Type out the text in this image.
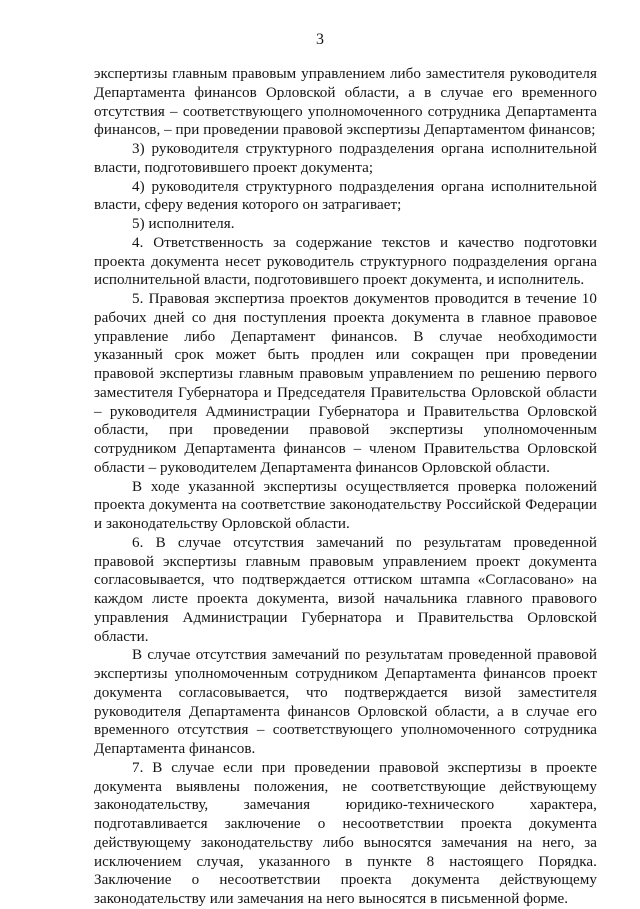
3

экспертизы главным правовым управлением либо заместителя руководителя Департамента финансов Орловской области, а в случае его временного отсутствия – соответствующего уполномоченного сотрудника Департамента финансов, – при проведении правовой экспертизы Департаментом финансов;

3) руководителя структурного подразделения органа исполнительной власти, подготовившего проект документа;

4) руководителя структурного подразделения органа исполнительной власти, сферу ведения которого он затрагивает;

5) исполнителя.

4. Ответственность за содержание текстов и качество подготовки проекта документа несет руководитель структурного подразделения органа исполнительной власти, подготовившего проект документа, и исполнитель.

5. Правовая экспертиза проектов документов проводится в течение 10 рабочих дней со дня поступления проекта документа в главное правовое управление либо Департамент финансов. В случае необходимости указанный срок может быть продлен или сокращен при проведении правовой экспертизы главным правовым управлением по решению первого заместителя Губернатора и Председателя Правительства Орловской области – руководителя Администрации Губернатора и Правительства Орловской области, при проведении правовой экспертизы уполномоченным сотрудником Департамента финансов – членом Правительства Орловской области – руководителем Департамента финансов Орловской области.

В ходе указанной экспертизы осуществляется проверка положений проекта документа на соответствие законодательству Российской Федерации и законодательству Орловской области.

6. В случае отсутствия замечаний по результатам проведенной правовой экспертизы главным правовым управлением проект документа согласовывается, что подтверждается оттиском штампа «Согласовано» на каждом листе проекта документа, визой начальника главного правового управления Администрации Губернатора и Правительства Орловской области.

В случае отсутствия замечаний по результатам проведенной правовой экспертизы уполномоченным сотрудником Департамента финансов проект документа согласовывается, что подтверждается визой заместителя руководителя Департамента финансов Орловской области, а в случае его временного отсутствия – соответствующего уполномоченного сотрудника Департамента финансов.

7. В случае если при проведении правовой экспертизы в проекте документа выявлены положения, не соответствующие действующему законодательству, замечания юридико-технического характера, подготавливается заключение о несоответствии проекта документа действующему законодательству либо выносятся замечания на него, за исключением случая, указанного в пункте 8 настоящего Порядка. Заключение о несоответствии проекта документа действующему законодательству или замечания на него выносятся в письменной форме.
